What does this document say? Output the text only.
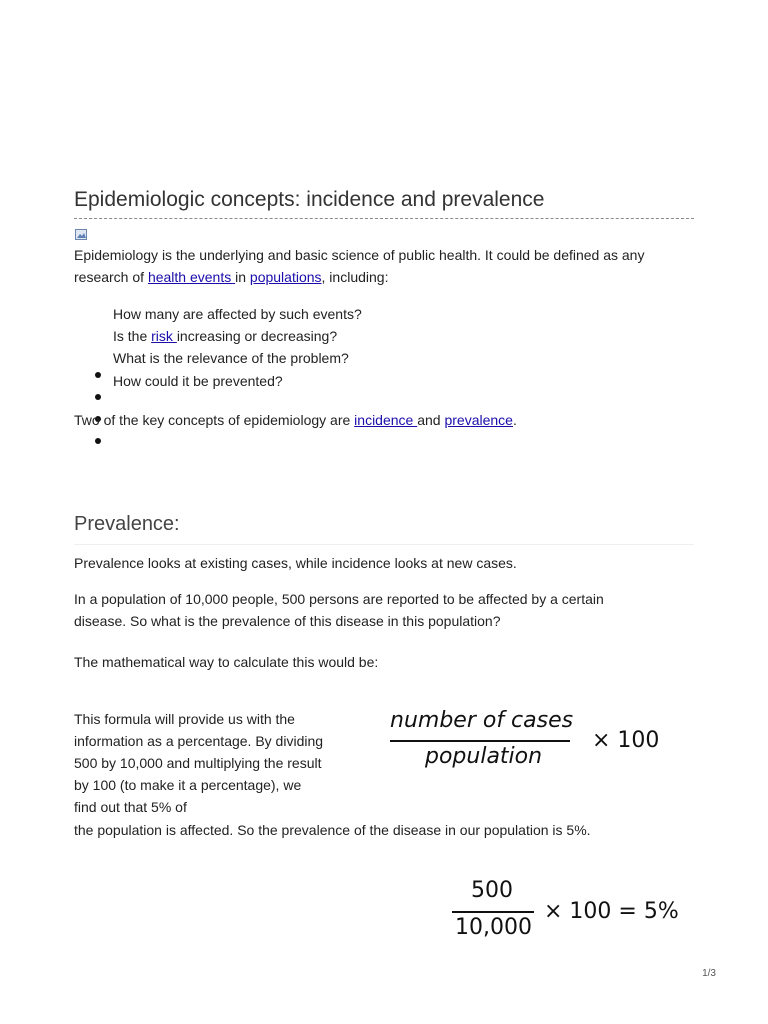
Epidemiologic concepts: incidence and prevalence
Epidemiology is the underlying and basic science of public health. It could be defined as any
research of health events in populations, including:
How many are affected by such events?
Is the risk increasing or decreasing?
What is the relevance of the problem?
How could it be prevented?
Two of the key concepts of epidemiology are incidence and prevalence.
Prevalence:
Prevalence looks at existing cases, while incidence looks at new cases.
In a population of 10,000 people, 500 persons are reported to be affected by a certain
disease. So what is the prevalence of this disease in this population?
The mathematical way to calculate this would be:
This formula will provide us with the
information as a percentage. By dividing
500 by 10,000 and multiplying the result
by 100 (to make it a percentage), we
find out that 5% of
the population is affected. So the prevalence of the disease in our population is 5%.
number of cases
population
× 100
500
10,000
× 100 = 5%
1/3
